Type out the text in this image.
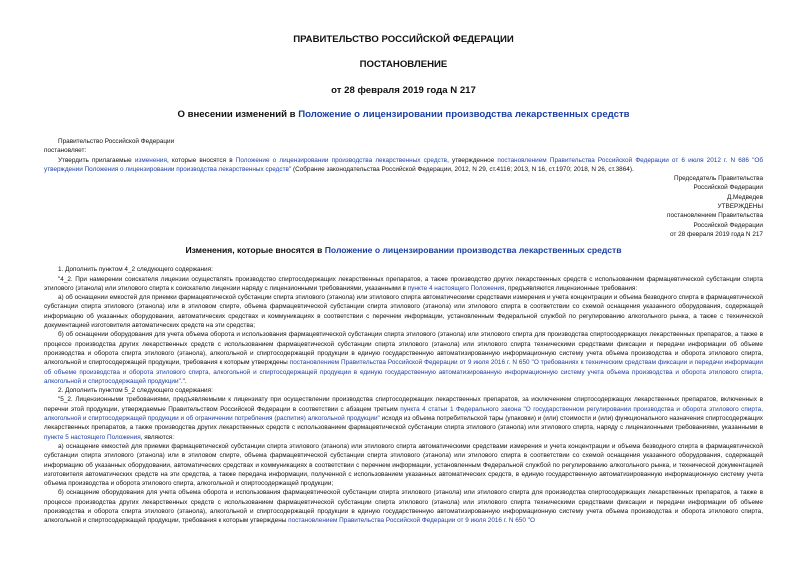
ПРАВИТЕЛЬСТВО РОССИЙСКОЙ ФЕДЕРАЦИИ
ПОСТАНОВЛЕНИЕ
от 28 февраля 2019 года N 217
О внесении изменений в Положение о лицензировании производства лекарственных средств
Правительство Российской Федерации
постановляет:
Утвердить прилагаемые изменения, которые вносятся в Положение о лицензировании производства лекарственных средств, утвержденное постановлением Правительства Российской Федерации от 6 июля 2012 г. N 686 "Об утверждении Положения о лицензировании производства лекарственных средств" (Собрание законодательства Российской Федерации, 2012, N 29, ст.4116; 2013, N 16, ст.1970; 2018, N 26, ст.3864).
Председатель Правительства
Российской Федерации
Д.Медведев
УТВЕРЖДЕНЫ
постановлением Правительства
Российской Федерации
от 28 февраля 2019 года N 217
Изменения, которые вносятся в Положение о лицензировании производства лекарственных средств
1. Дополнить пунктом 4_2 следующего содержания:
"4_2. При намерении соискателя лицензии осуществлять производство спиртосодержащих лекарственных препаратов, а также производство других лекарственных средств с использованием фармацевтической субстанции спирта этилового (этанола) или этилового спирта к соискателю лицензии наряду с лицензионными требованиями, указанными в пункте 4 настоящего Положения, предъявляются лицензионные требования:
а) об оснащении емкостей для приемки фармацевтической субстанции спирта этилового (этанола) или этилового спирта автоматическими средствами измерения и учета концентрации и объема безводного спирта в фармацевтической субстанции спирта этилового (этанола) или в этиловом спирте, объема фармацевтической субстанции спирта этилового (этанола) или этилового спирта в соответствии со схемой оснащения указанного оборудования, содержащей информацию об указанных оборудовании, автоматических средствах и коммуникациях в соответствии с перечнем информации, установленным Федеральной службой по регулированию алкогольного рынка, а также с технической документацией изготовителя автоматических средств на эти средства;
б) об оснащении оборудования для учета объема оборота и использования фармацевтической субстанции спирта этилового (этанола) или этилового спирта для производства спиртосодержащих лекарственных препаратов, а также в процессе производства других лекарственных средств с использованием фармацевтической субстанции спирта этилового (этанола) или этилового спирта техническими средствами фиксации и передачи информации об объеме производства и оборота спирта этилового (этанола), алкогольной и спиртосодержащей продукции в единую государственную автоматизированную информационную систему учета объема производства и оборота этилового спирта, алкогольной и спиртосодержащей продукции, требования к которым утверждены постановлением Правительства Российской Федерации от 9 июля 2016 г. N 650 "О требованиях к техническим средствам фиксации и передачи информации об объеме производства и оборота этилового спирта, алкогольной и спиртосодержащей продукции в единую государственную автоматизированную информационную систему учета объема производства и оборота этилового спирта, алкогольной и спиртосодержащей продукции".".
2. Дополнить пунктом 5_2 следующего содержания:
"5_2. Лицензионными требованиями, предъявляемыми к лицензиату при осуществлении производства спиртосодержащих лекарственных препаратов, за исключением спиртосодержащих лекарственных препаратов, включенных в перечни этой продукции, утверждаемые Правительством Российской Федерации в соответствии с абзацем третьим пункта 4 статьи 1 Федерального закона "О государственном регулировании производства и оборота этилового спирта, алкогольной и спиртосодержащей продукции и об ограничении потребления (распития) алкогольной продукции" исходя из объема потребительской тары (упаковки) и (или) стоимости и (или) функционального назначения спиртосодержащих лекарственных препаратов, а также производства других лекарственных средств с использованием фармацевтической субстанции спирта этилового (этанола) или этилового спирта, наряду с лицензионными требованиями, указанными в пункте 5 настоящего Положения, являются:
а) оснащение емкостей для приемки фармацевтической субстанции спирта этилового (этанола) или этилового спирта автоматическими средствами измерения и учета концентрации и объема безводного спирта в фармацевтической субстанции спирта этилового (этанола) или в этиловом спирте, объема фармацевтической субстанции спирта этилового (этанола) или этилового спирта в соответствии со схемой оснащения указанного оборудования, содержащей информацию об указанных оборудовании, автоматических средствах и коммуникациях в соответствии с перечнем информации, установленным Федеральной службой по регулированию алкогольного рынка, и технической документацией изготовителя автоматических средств на эти средства, а также передача информации, полученной с использованием указанных автоматических средств, в единую государственную автоматизированную информационную систему учета объема производства и оборота этилового спирта, алкогольной и спиртосодержащей продукции;
б) оснащение оборудования для учета объема оборота и использования фармацевтической субстанции спирта этилового (этанола) или этилового спирта для производства спиртосодержащих лекарственных препаратов, а также в процессе производства других лекарственных средств с использованием фармацевтической субстанции спирта этилового (этанола) или этилового спирта техническими средствами фиксации и передачи информации об объеме производства и оборота спирта этилового (этанола), алкогольной и спиртосодержащей продукции в единую государственную автоматизированную информационную систему учета объема производства и оборота этилового спирта, алкогольной и спиртосодержащей продукции, требования к которым утверждены постановлением Правительства Российской Федерации от 9 июля 2016 г. N 650 "О
